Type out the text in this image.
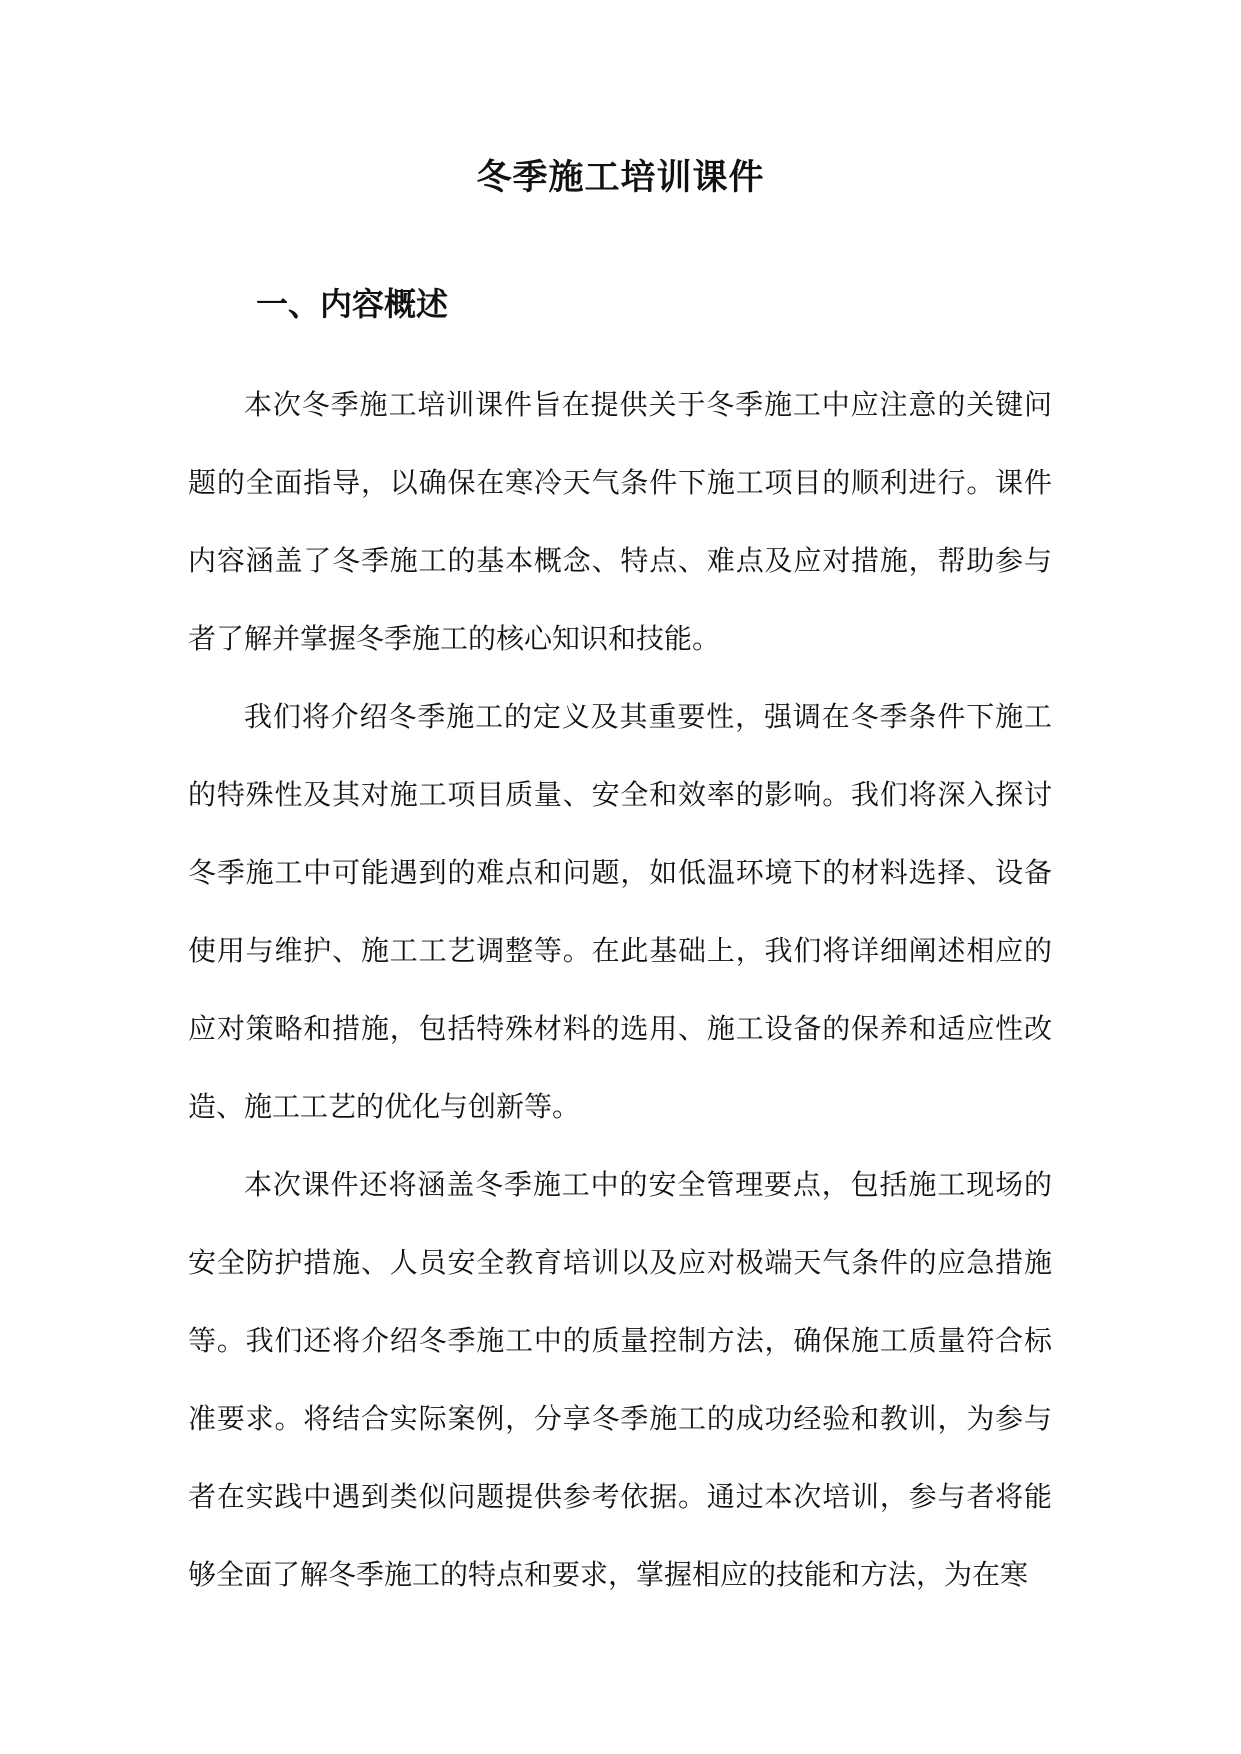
冬季施工培训课件
一、内容概述

本次冬季施工培训课件旨在提供关于冬季施工中应注意的关键问题的全面指导，以确保在寒冷天气条件下施工项目的顺利进行。课件内容涵盖了冬季施工的基本概念、特点、难点及应对措施，帮助参与者了解并掌握冬季施工的核心知识和技能。

我们将介绍冬季施工的定义及其重要性，强调在冬季条件下施工的特殊性及其对施工项目质量、安全和效率的影响。我们将深入探讨冬季施工中可能遇到的难点和问题，如低温环境下的材料选择、设备使用与维护、施工工艺调整等。在此基础上，我们将详细阐述相应的应对策略和措施，包括特殊材料的选用、施工设备的保养和适应性改造、施工工艺的优化与创新等。

本次课件还将涵盖冬季施工中的安全管理要点，包括施工现场的安全防护措施、人员安全教育培训以及应对极端天气条件的应急措施等。我们还将介绍冬季施工中的质量控制方法，确保施工质量符合标准要求。将结合实际案例，分享冬季施工的成功经验和教训，为参与者在实践中遇到类似问题提供参考依据。通过本次培训，参与者将能够全面了解冬季施工的特点和要求，掌握相应的技能和方法，为在寒
